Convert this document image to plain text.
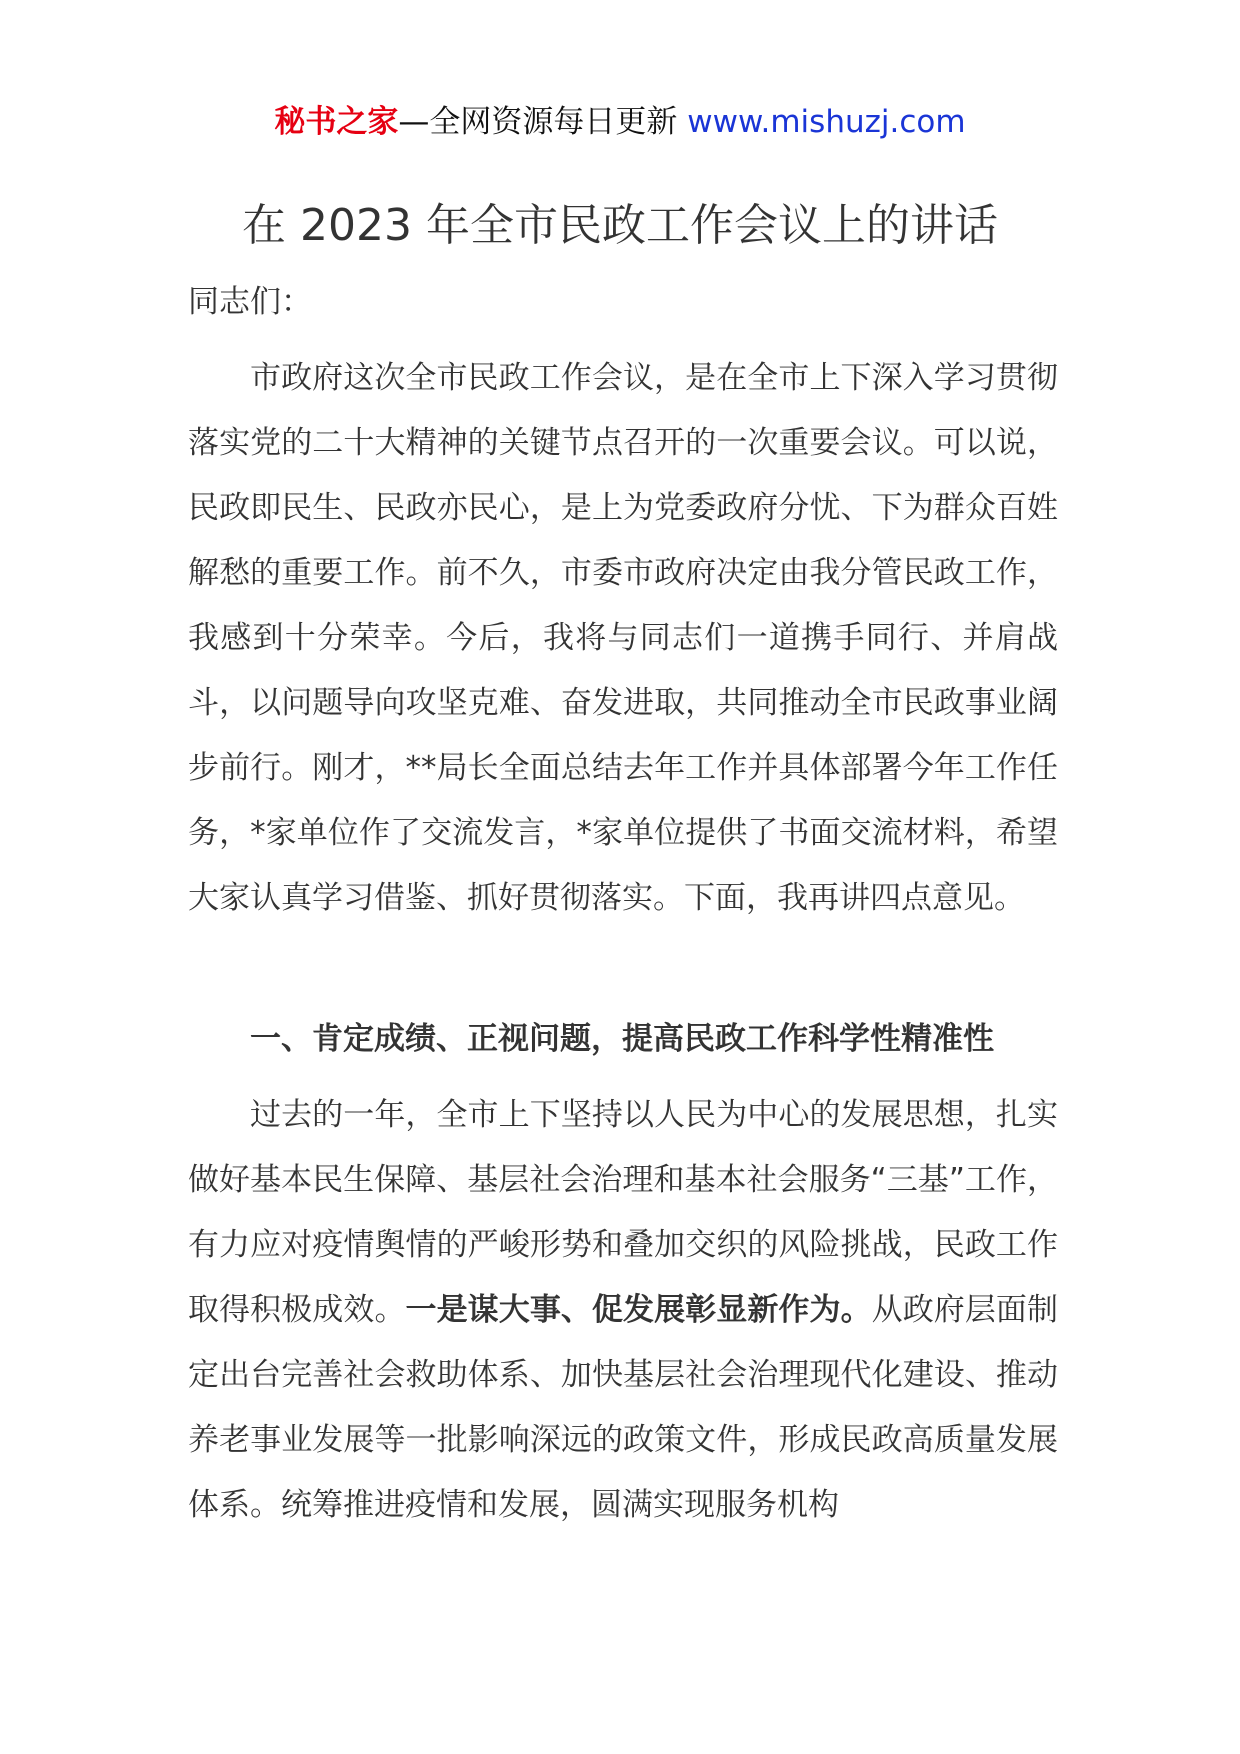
秘书之家—全网资源每日更新 www.mishuzj.com
在 2023 年全市民政工作会议上的讲话
同志们：

市政府这次全市民政工作会议，是在全市上下深入学习贯彻落实党的二十大精神的关键节点召开的一次重要会议。可以说，民政即民生、民政亦民心，是上为党委政府分忧、下为群众百姓解愁的重要工作。前不久，市委市政府决定由我分管民政工作，我感到十分荣幸。今后，我将与同志们一道携手同行、并肩战斗，以问题导向攻坚克难、奋发进取，共同推动全市民政事业阔步前行。刚才，**局长全面总结去年工作并具体部署今年工作任务，*家单位作了交流发言，*家单位提供了书面交流材料，希望大家认真学习借鉴、抓好贯彻落实。下面，我再讲四点意见。

一、肯定成绩、正视问题，提高民政工作科学性精准性

过去的一年，全市上下坚持以人民为中心的发展思想，扎实做好基本民生保障、基层社会治理和基本社会服务“三基”工作，有力应对疫情舆情的严峻形势和叠加交织的风险挑战，民政工作取得积极成效。一是谋大事、促发展彰显新作为。从政府层面制定出台完善社会救助体系、加快基层社会治理现代化建设、推动养老事业发展等一批影响深远的政策文件，形成民政高质量发展体系。统筹推进疫情和发展，圆满实现服务机构
